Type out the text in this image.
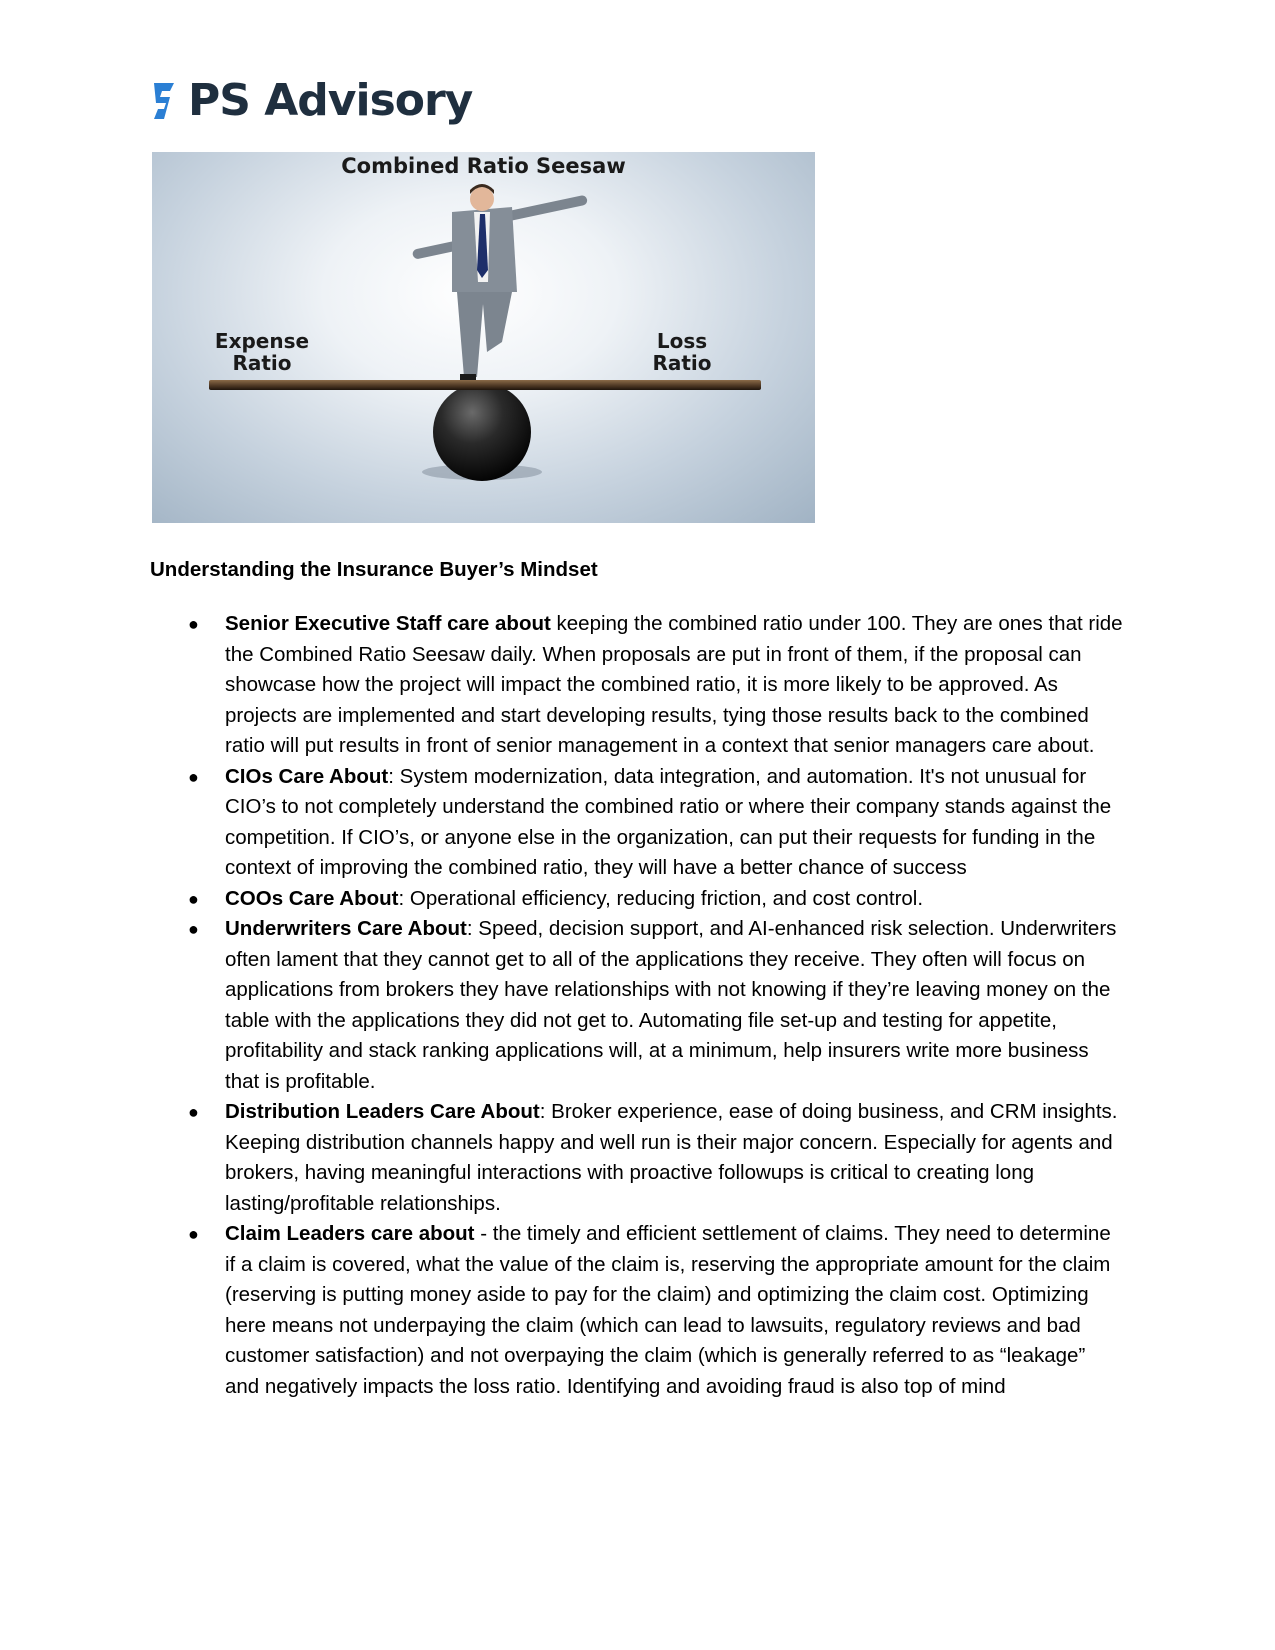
PS Advisory
Combined Ratio Seesaw
Expense
Ratio
Loss
Ratio
Understanding the Insurance Buyer’s Mindset
● Senior Executive Staff care about keeping the combined ratio under 100. They are ones that ride the Combined Ratio Seesaw daily. When proposals are put in front of them, if the proposal can showcase how the project will impact the combined ratio, it is more likely to be approved. As projects are implemented and start developing results, tying those results back to the combined ratio will put results in front of senior management in a context that senior managers care about.
● CIOs Care About: System modernization, data integration, and automation. It's not unusual for CIO’s to not completely understand the combined ratio or where their company stands against the competition. If CIO’s, or anyone else in the organization, can put their requests for funding in the context of improving the combined ratio, they will have a better chance of success
● COOs Care About: Operational efficiency, reducing friction, and cost control.
● Underwriters Care About: Speed, decision support, and AI-enhanced risk selection. Underwriters often lament that they cannot get to all of the applications they receive. They often will focus on applications from brokers they have relationships with not knowing if they’re leaving money on the table with the applications they did not get to. Automating file set-up and testing for appetite, profitability and stack ranking applications will, at a minimum, help insurers write more business that is profitable.
● Distribution Leaders Care About: Broker experience, ease of doing business, and CRM insights. Keeping distribution channels happy and well run is their major concern. Especially for agents and brokers, having meaningful interactions with proactive followups is critical to creating long lasting/profitable relationships.
● Claim Leaders care about - the timely and efficient settlement of claims. They need to determine if a claim is covered, what the value of the claim is, reserving the appropriate amount for the claim (reserving is putting money aside to pay for the claim) and optimizing the claim cost. Optimizing here means not underpaying the claim (which can lead to lawsuits, regulatory reviews and bad customer satisfaction) and not overpaying the claim (which is generally referred to as “leakage” and negatively impacts the loss ratio. Identifying and avoiding fraud is also top of mind
